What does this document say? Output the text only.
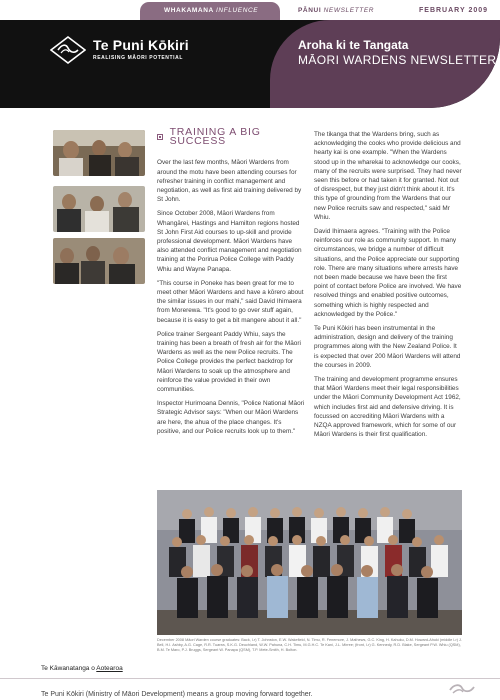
WHAKAMANA INFLUENCE	PĀNUI NEWSLETTER	FEBRUARY 2009
Te Puni Kōkiri
REALISING MĀORI POTENTIAL
Aroha ki te Tangata
MĀORI WARDENS NEWSLETTER
TRAINING A BIG SUCCESS

Over the last few months, Māori Wardens from around the motu have been attending courses for refresher training in conflict management and negotiation, as well as first aid training delivered by St John.

Since October 2008, Māori Wardens from Whangārei, Hastings and Hamilton regions hosted St John First Aid courses to up-skill and provide professional development. Māori Wardens have also attended conflict management and negotiation training at the Porirua Police College with Paddy Whiu and Wayne Panapa.

"This course in Poneke has been great for me to meet other Māori Wardens and have a kōrero about the similar issues in our mahi," said David Ihimaera from Morerewa. "It's good to go over stuff again, because it is easy to get a bit mangere about it all."

Police trainer Sergeant Paddy Whiu, says the training has been a breath of fresh air for the Māori Wardens as well as the new Police recruits. The Police College provides the perfect backdrop for Māori Wardens to soak up the atmosphere and reinforce the value provided in their own communities.

Inspector Hurimoana Dennis, "Police National Māori Strategic Advisor says: "When our Māori Wardens are here, the ahua of the place changes. It's positive, and our Police recruits look up to them."

The tikanga that the Wardens bring, such as acknowledging the cooks who provide delicious and hearty kai is one example. "When the Wardens stood up in the wharekai to acknowledge our cooks, many of the recruits were surprised. They had never seen this before or had taken it for granted. Not out of disrespect, but they just didn't think about it. It's this type of grounding from the Wardens that our new Police recruits saw and respected," said Mr Whiu.

David Ihimaera agrees. "Training with the Police reinforces our role as community support. In many circumstances, we bridge a number of difficult situations, and the Police appreciate our supporting role. There are many situations where arrests have not been made because we have been the first point of contact before Police are involved. We have resolved things and enabled positive outcomes, something which is highly respected and acknowledged by the Police."

Te Puni Kōkiri has been instrumental in the administration, design and delivery of the training programmes along with the New Zealand Police. It is expected that over 200 Māori Wardens will attend the courses in 2009.

The training and development programme ensures that Māori Wardens meet their legal responsibilities under the Māori Community Development Act 1962, which includes first aid and defensive driving. It is focussed on accrediting Māori Wardens with a NZQA approved framework, which for some of our Māori Wardens is their first qualification.

December 2008 Māori Warden course graduates: Back, l-r) T. Johnston, E.W. Wakefield, N. Timu, R. Fenemore, J. Mathews, G.C. King, H. Kahuku, D.M. Howard-Ahuki (middle l-r) J. Bell, H.I. Ashby, A.G. Cage, R.R. Tuarea, S.K.G. Deuchland, W.W. Pahuna, C.H. Timu, M.G.H.C. Te Kani, J.L. Mirree; (front, l-r) G. Kennedy, R.D. Blake, Sergeant P.W. Whiu (QSM), B.M. Te Maro, P.J. Bruggs, Sergeant W. Panapa (QSM), T.P. Mete-Smith, H. Bolton.
Te Kāwanatanga o Aotearoa
Te Puni Kōkiri (Ministry of Māori Development) means a group moving forward together.
